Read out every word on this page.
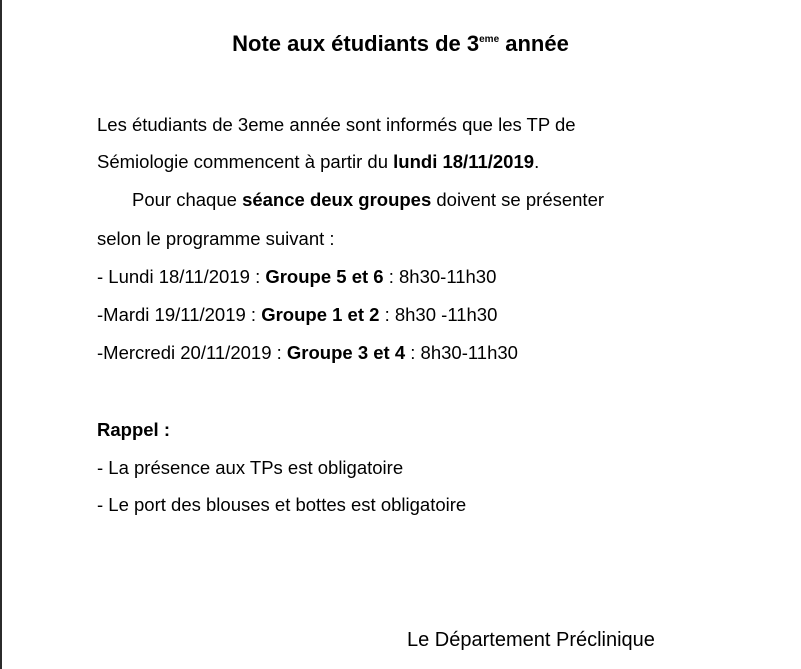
Note aux étudiants de 3eme année
Les étudiants de 3eme année sont informés que les TP de
Sémiologie commencent à partir du lundi 18/11/2019.
Pour chaque séance deux groupes doivent se présenter
selon le programme suivant :
- Lundi 18/11/2019 : Groupe 5 et 6 : 8h30-11h30
-Mardi 19/11/2019 : Groupe 1 et 2 : 8h30 -11h30
-Mercredi 20/11/2019 : Groupe 3 et 4 : 8h30-11h30
Rappel :
- La présence aux TPs est obligatoire
- Le port des blouses et bottes est obligatoire
Le Département Préclinique
